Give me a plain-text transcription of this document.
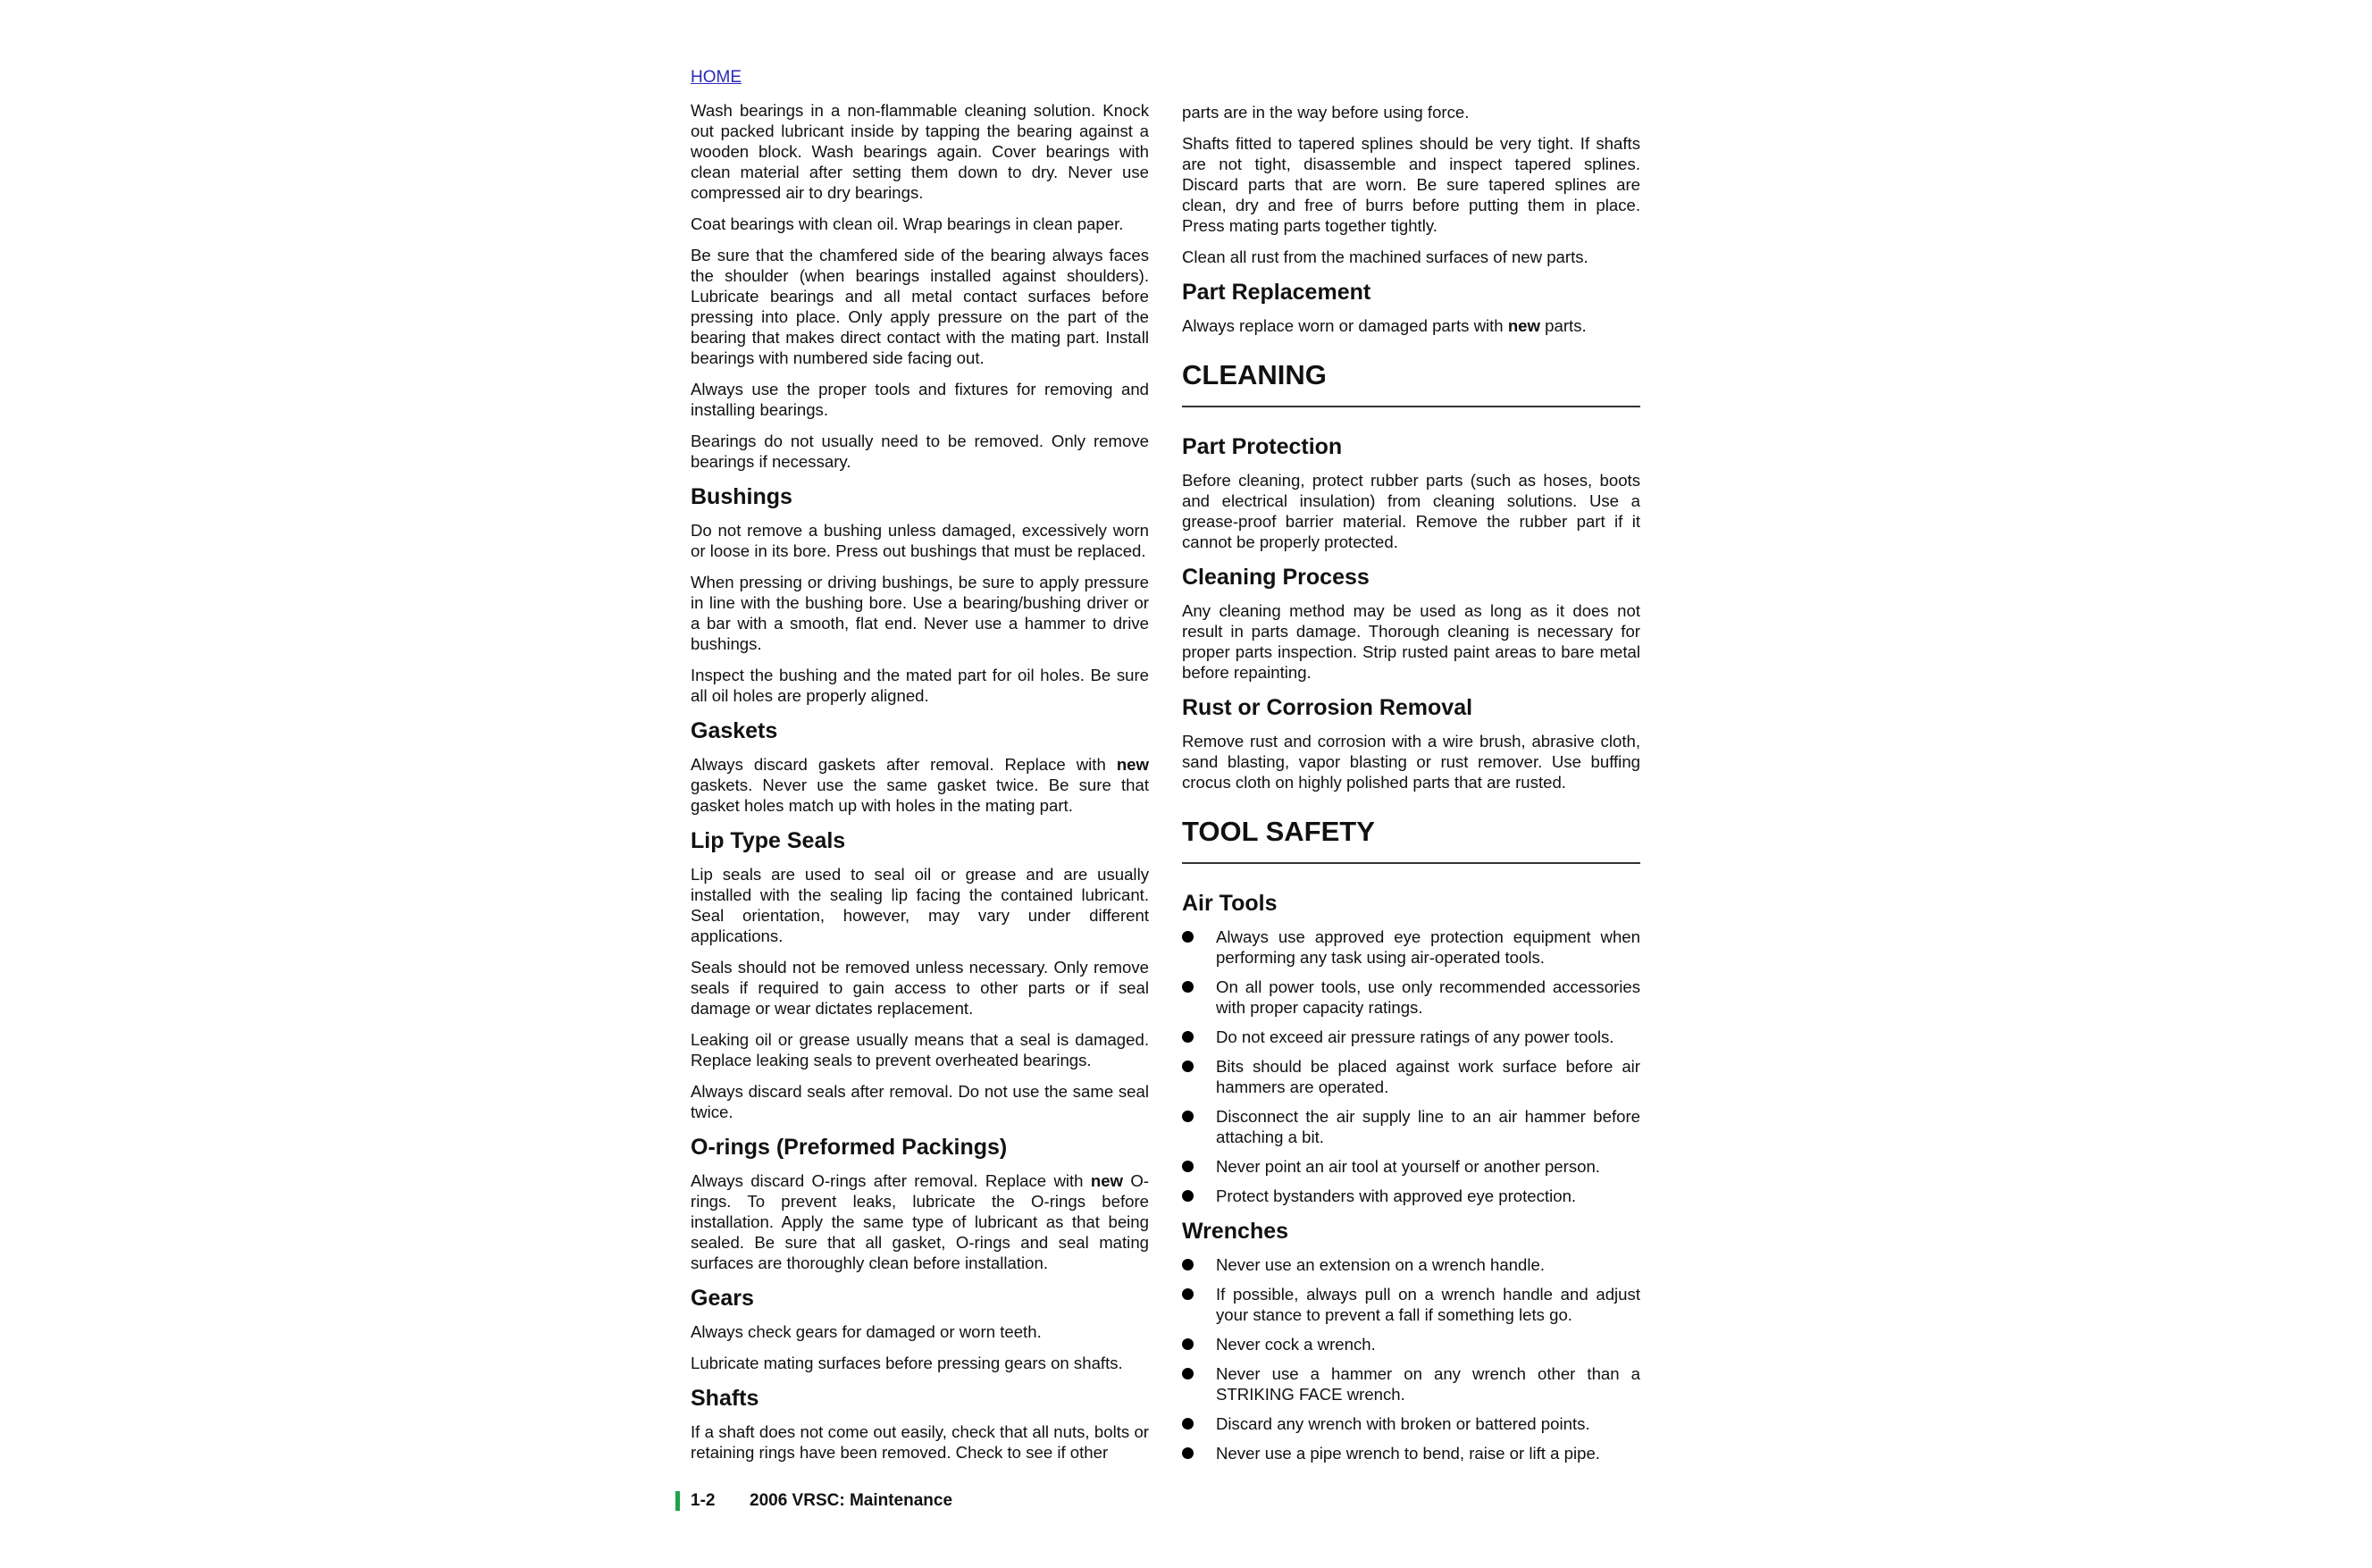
HOME

Wash bearings in a non-flammable cleaning solution. Knock out packed lubricant inside by tapping the bearing against a wooden block. Wash bearings again. Cover bearings with clean material after setting them down to dry. Never use compressed air to dry bearings.

Coat bearings with clean oil. Wrap bearings in clean paper.

Be sure that the chamfered side of the bearing always faces the shoulder (when bearings installed against shoulders). Lubricate bearings and all metal contact surfaces before pressing into place. Only apply pressure on the part of the bearing that makes direct contact with the mating part. Install bearings with numbered side facing out.

Always use the proper tools and fixtures for removing and installing bearings.

Bearings do not usually need to be removed. Only remove bearings if necessary.

Bushings

Do not remove a bushing unless damaged, excessively worn or loose in its bore. Press out bushings that must be replaced.

When pressing or driving bushings, be sure to apply pressure in line with the bushing bore. Use a bearing/bushing driver or a bar with a smooth, flat end. Never use a hammer to drive bushings.

Inspect the bushing and the mated part for oil holes. Be sure all oil holes are properly aligned.

Gaskets

Always discard gaskets after removal. Replace with new gaskets. Never use the same gasket twice. Be sure that gasket holes match up with holes in the mating part.

Lip Type Seals

Lip seals are used to seal oil or grease and are usually installed with the sealing lip facing the contained lubricant. Seal orientation, however, may vary under different applications.

Seals should not be removed unless necessary. Only remove seals if required to gain access to other parts or if seal damage or wear dictates replacement.

Leaking oil or grease usually means that a seal is damaged. Replace leaking seals to prevent overheated bearings.

Always discard seals after removal. Do not use the same seal twice.

O-rings (Preformed Packings)

Always discard O-rings after removal. Replace with new O-rings. To prevent leaks, lubricate the O-rings before installation. Apply the same type of lubricant as that being sealed. Be sure that all gasket, O-rings and seal mating surfaces are thoroughly clean before installation.

Gears

Always check gears for damaged or worn teeth.

Lubricate mating surfaces before pressing gears on shafts.

Shafts

If a shaft does not come out easily, check that all nuts, bolts or retaining rings have been removed. Check to see if other

parts are in the way before using force.

Shafts fitted to tapered splines should be very tight. If shafts are not tight, disassemble and inspect tapered splines. Discard parts that are worn. Be sure tapered splines are clean, dry and free of burrs before putting them in place. Press mating parts together tightly.

Clean all rust from the machined surfaces of new parts.

Part Replacement

Always replace worn or damaged parts with new parts.

CLEANING
Part Protection

Before cleaning, protect rubber parts (such as hoses, boots and electrical insulation) from cleaning solutions. Use a grease-proof barrier material. Remove the rubber part if it cannot be properly protected.

Cleaning Process

Any cleaning method may be used as long as it does not result in parts damage. Thorough cleaning is necessary for proper parts inspection. Strip rusted paint areas to bare metal before repainting.

Rust or Corrosion Removal

Remove rust and corrosion with a wire brush, abrasive cloth, sand blasting, vapor blasting or rust remover. Use buffing crocus cloth on highly polished parts that are rusted.

TOOL SAFETY
Air Tools
Always use approved eye protection equipment when performing any task using air-operated tools.
On all power tools, use only recommended accessories with proper capacity ratings.
Do not exceed air pressure ratings of any power tools.
Bits should be placed against work surface before air hammers are operated.
Disconnect the air supply line to an air hammer before attaching a bit.
Never point an air tool at yourself or another person.
Protect bystanders with approved eye protection.
Wrenches
Never use an extension on a wrench handle.
If possible, always pull on a wrench handle and adjust your stance to prevent a fall if something lets go.
Never cock a wrench.
Never use a hammer on any wrench other than a STRIKING FACE wrench.
Discard any wrench with broken or battered points.
Never use a pipe wrench to bend, raise or lift a pipe.
1-2 2006 VRSC: Maintenance
